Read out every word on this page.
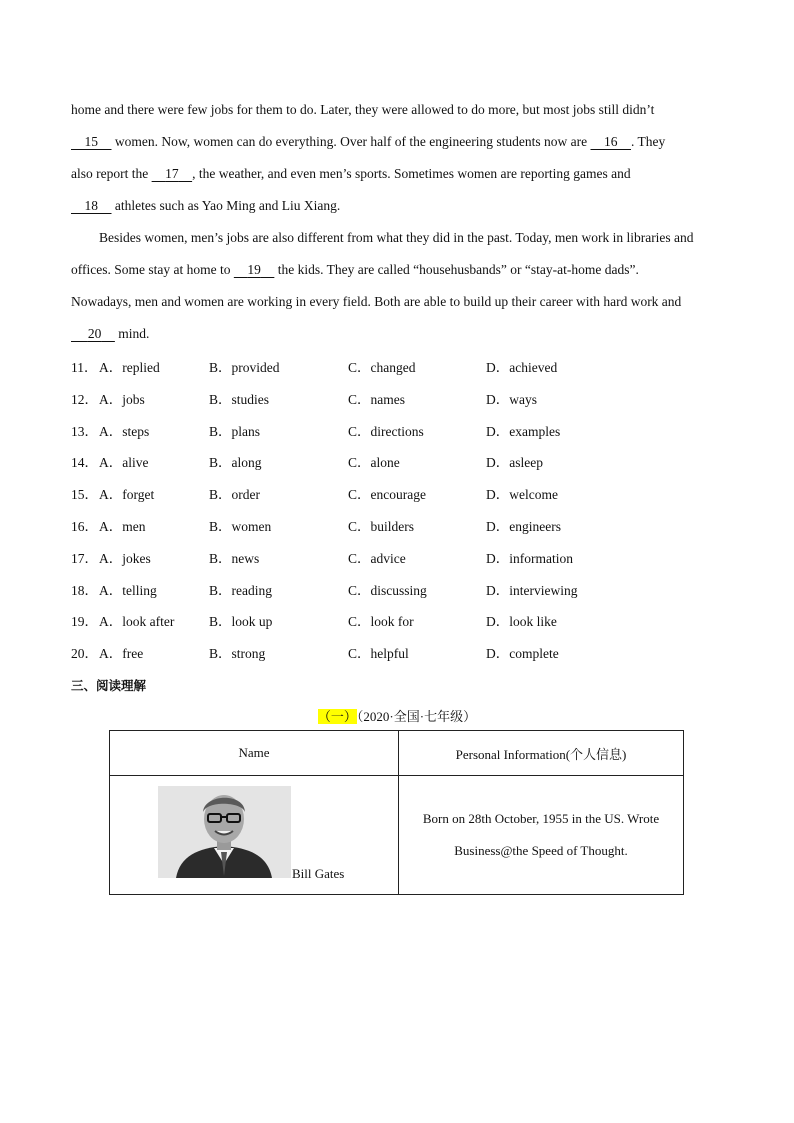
home and there were few jobs for them to do. Later, they were allowed to do more, but most jobs still didn’t
15     women. Now, women can do everything. Over half of the engineering students now are     16 . They
also report the     17 , the weather, and even men’s sports. Sometimes women are reporting games and
18     athletes such as Yao Ming and Liu Xiang.
Besides women, men’s jobs are also different from what they did in the past. Today, men work in libraries and
offices. Some stay at home to     19     the kids. They are called “househusbands” or “stay-at-home dads”.
Nowadays, men and women are working in every field. Both are able to build up their career with hard work and
20     mind.
11． A．replied	B．provided	C．changed	D．achieved
12． A．jobs	B．studies	C．names	D．ways
13． A．steps	B．plans	C．directions	D．examples
14． A．alive	B．along	C．alone	D．asleep
15． A．forget	B．order	C．encourage	D．welcome
16． A．men	B．women	C．builders	D．engineers
17． A．jokes	B．news	C．advice	D．information
18． A．telling	B．reading	C．discussing	D．interviewing
19． A．look after	B．look up	C．look for	D．look like
20． A．free	B．strong	C．helpful	D．complete
三、阅读理解
（一）（2020·全国·七年级）
Name	Personal Information(个人信息)

Bill Gates	Born on 28th October, 1955 in the US. Wrote
Business@the Speed of Thought.
